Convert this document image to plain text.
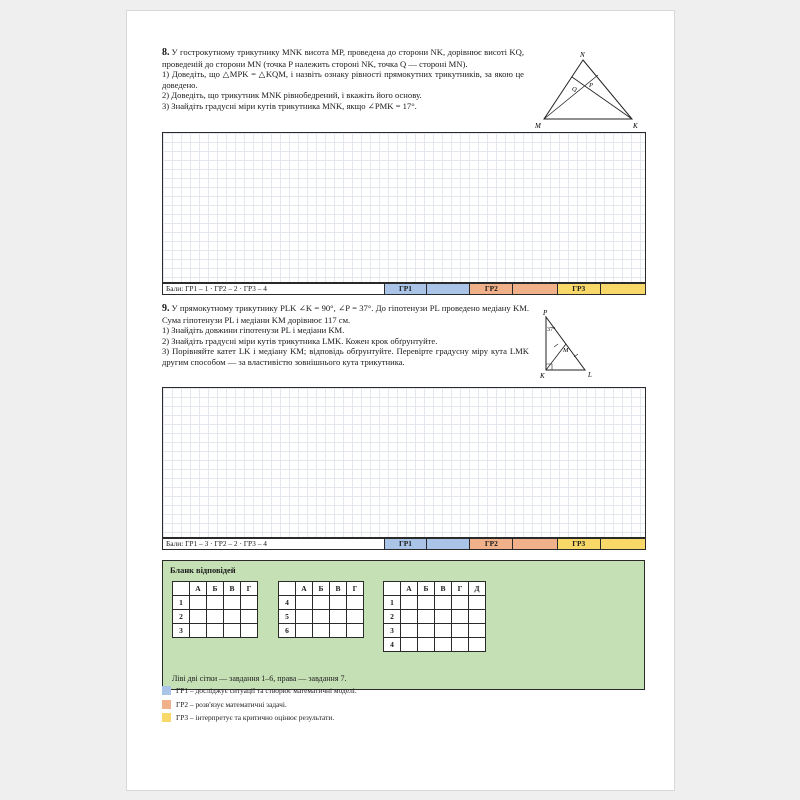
8. У гострокутному трикутнику MNK висота MP, проведена до сторони NK, дорівнює висоті KQ, проведеній до сторони MN (точка P належить стороні NK, точка Q — стороні MN).

1) Доведіть, що △MPK = △KQM, і назвіть ознаку рівності прямокутних трикутників, за якою це доведено.

2) Доведіть, що трикутник MNK рівнобедрений, і вкажіть його основу.

3) Знайдіть градусні міри кутів трикутника MNK, якщо ∠PMK = 17°.

N
M	K
Q
P
Бали: ГР1 – 1 · ГР2 – 2 · ГР3 – 4	ГР1	ГР2	ГР3

9. У прямокутному трикутнику PLK ∠K = 90°, ∠P = 37°. До гіпотенузи PL проведено медіану KM. Сума гіпотенузи PL і медіани KM дорівнює 117 см.

1) Знайдіть довжини гіпотенузи PL і медіани KM.

2) Знайдіть градусні міри кутів трикутника LMK. Кожен крок обґрунтуйте.

3) Порівняйте катет LK і медіану KM; відповідь обґрунтуйте. Перевірте градусну міру кута LMK другим способом — за властивістю зовнішнього кута трикутника.

P
K	L
M
37°
Бали: ГР1 – 3 · ГР2 – 2 · ГР3 – 4	ГР1	ГР2	ГР3
Бланк відповідей
	А	Б	В	Г
1				
2				
3				
	А	Б	В	Г
4				
5				
6				
	А	Б	В	Г	Д
1					
2					
3					
4					
Ліві дві сітки — завдання 1–6, права — завдання 7.
ГР1 – досліджує ситуації та створює математичні моделі.
ГР2 – розв'язує математичні задачі.
ГР3 – інтерпретує та критично оцінює результати.
